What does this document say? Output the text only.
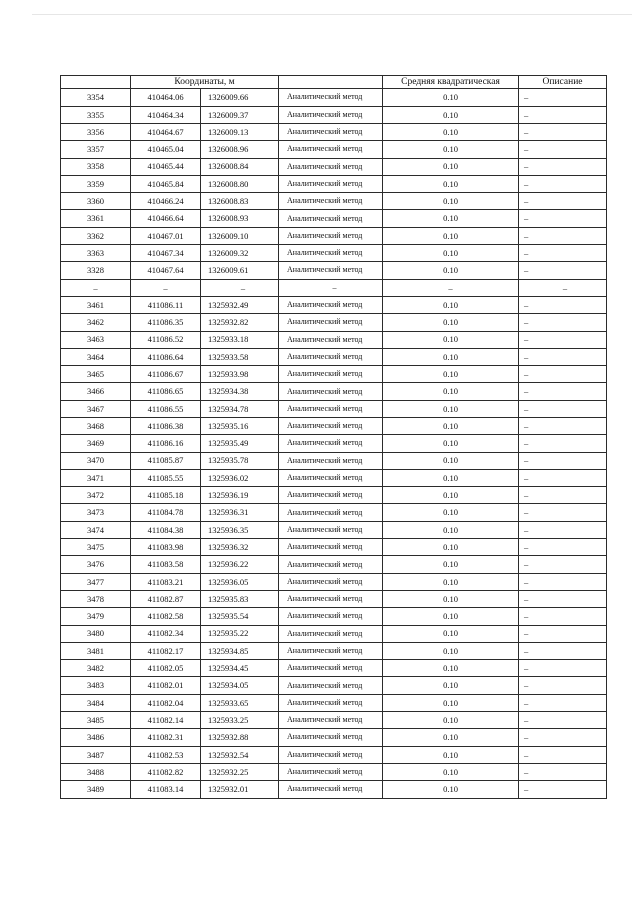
	Координаты, м			Средняя квадратическая	Описание
3354	410464.06	1326009.66	Аналитический метод	0.10	–
3355	410464.34	1326009.37	Аналитический метод	0.10	–
3356	410464.67	1326009.13	Аналитический метод	0.10	–
3357	410465.04	1326008.96	Аналитический метод	0.10	–
3358	410465.44	1326008.84	Аналитический метод	0.10	–
3359	410465.84	1326008.80	Аналитический метод	0.10	–
3360	410466.24	1326008.83	Аналитический метод	0.10	–
3361	410466.64	1326008.93	Аналитический метод	0.10	–
3362	410467.01	1326009.10	Аналитический метод	0.10	–
3363	410467.34	1326009.32	Аналитический метод	0.10	–
3328	410467.64	1326009.61	Аналитический метод	0.10	–
–	–	–	–	–	–
3461	411086.11	1325932.49	Аналитический метод	0.10	–
3462	411086.35	1325932.82	Аналитический метод	0.10	–
3463	411086.52	1325933.18	Аналитический метод	0.10	–
3464	411086.64	1325933.58	Аналитический метод	0.10	–
3465	411086.67	1325933.98	Аналитический метод	0.10	–
3466	411086.65	1325934.38	Аналитический метод	0.10	–
3467	411086.55	1325934.78	Аналитический метод	0.10	–
3468	411086.38	1325935.16	Аналитический метод	0.10	–
3469	411086.16	1325935.49	Аналитический метод	0.10	–
3470	411085.87	1325935.78	Аналитический метод	0.10	–
3471	411085.55	1325936.02	Аналитический метод	0.10	–
3472	411085.18	1325936.19	Аналитический метод	0.10	–
3473	411084.78	1325936.31	Аналитический метод	0.10	–
3474	411084.38	1325936.35	Аналитический метод	0.10	–
3475	411083.98	1325936.32	Аналитический метод	0.10	–
3476	411083.58	1325936.22	Аналитический метод	0.10	–
3477	411083.21	1325936.05	Аналитический метод	0.10	–
3478	411082.87	1325935.83	Аналитический метод	0.10	–
3479	411082.58	1325935.54	Аналитический метод	0.10	–
3480	411082.34	1325935.22	Аналитический метод	0.10	–
3481	411082.17	1325934.85	Аналитический метод	0.10	–
3482	411082.05	1325934.45	Аналитический метод	0.10	–
3483	411082.01	1325934.05	Аналитический метод	0.10	–
3484	411082.04	1325933.65	Аналитический метод	0.10	–
3485	411082.14	1325933.25	Аналитический метод	0.10	–
3486	411082.31	1325932.88	Аналитический метод	0.10	–
3487	411082.53	1325932.54	Аналитический метод	0.10	–
3488	411082.82	1325932.25	Аналитический метод	0.10	–
3489	411083.14	1325932.01	Аналитический метод	0.10	–
